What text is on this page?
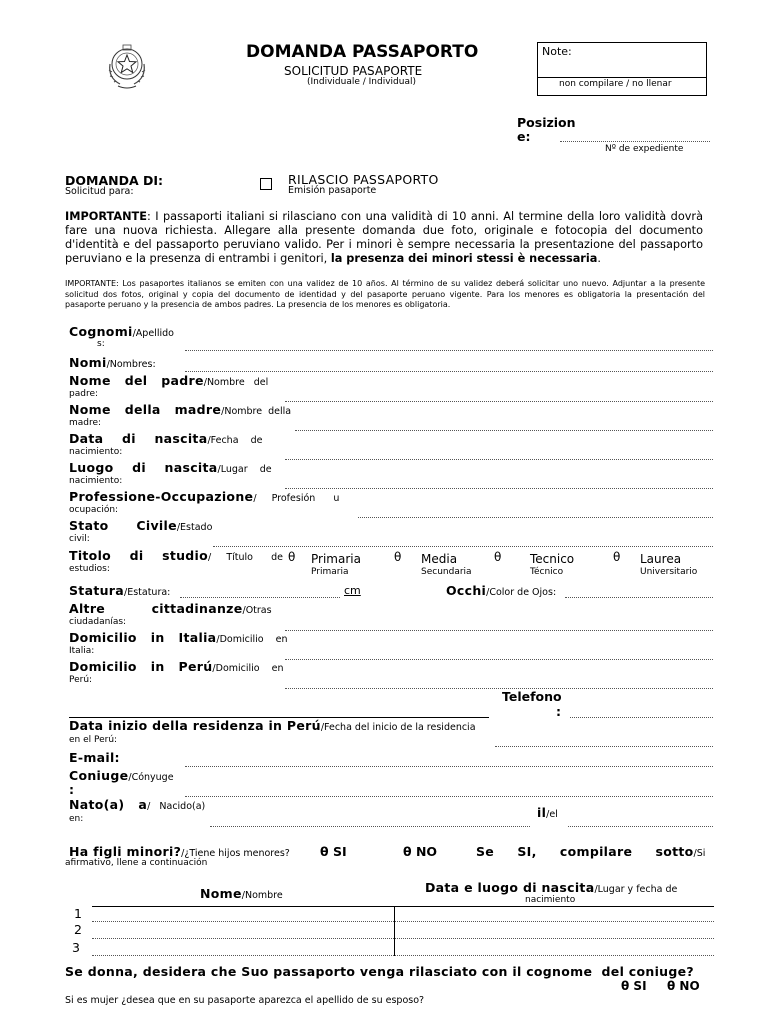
DOMANDA PASSAPORTO
SOLICITUD PASAPORTE
(Individuale / Individual)
Note:
non compilare / no llenar
Posizion
e:
Nº de expediente
DOMANDA DI:
Solicitud para:
RILASCIO PASSAPORTO
Emisión pasaporte
IMPORTANTE: I passaporti italiani si rilasciano con una validità di 10 anni. Al termine della loro validità dovrà fare una nuova richiesta. Allegare alla presente domanda due foto, originale e fotocopia del documento d'identità e del passaporto peruviano valido. Per i minori è sempre necessaria la presentazione del passaporto peruviano e la presenza di entrambi i genitori, la presenza dei minori stessi è necessaria.
IMPORTANTE: Los pasaportes italianos se emiten con una validez de 10 años. Al término de su validez deberá solicitar uno nuevo. Adjuntar a la presente solicitud dos fotos, original y copia del documento de identidad y del pasaporte peruano vigente. Para los menores es obligatoria la presentación del pasaporte peruano y la presencia de ambos padres. La presencia de los menores es obligatoria.
Cognomi/Apellido
s:
Nomi/Nombres:
Nome   del   padre/Nombre   del
padre:
Nome   della   madre/Nombre  della
madre:
Data    di    nascita/Fecha    de
nacimiento:
Luogo    di    nascita/Lugar    de
nacimiento:
Professione-Occupazione/     Profesión      u
ocupación:
Stato      Civile/Estado
civil:
Titolo    di    studio/     Título      de
estudios:
θ Primaria
Primaria
θ Media
Secundaria
θ Tecnico
Técnico
θ Laurea
Universitario
Statura/Estatura:	cm	Occhi/Color de Ojos:
Altre          cittadinanze/Otras
ciudadanías:
Domicilio   in   Italia/Domicilio    en
Italia:
Domicilio   in   Perú/Domicilio    en
Perú:
Telefono
:
Data inizio della residenza in Perú/Fecha del inicio de la residencia
en el Perú:
E-mail:
Coniuge/Cónyuge
:
Nato(a)   a/   Nacido(a)
en:	il/el
Ha figli minori?/¿Tiene hijos menores? θ SI	θ NO	Se     SI,     compilare     sotto/Si
afirmativo, llene a continuación
Nome/Nombre
Data e luogo di nascita/Lugar y fecha de
nacimiento
1
2
3
Se donna, desidera che Suo passaporto venga rilasciato con il cognome  del coniuge?
θ SI θ NO
Si es mujer ¿desea que en su pasaporte aparezca el apellido de su esposo?
